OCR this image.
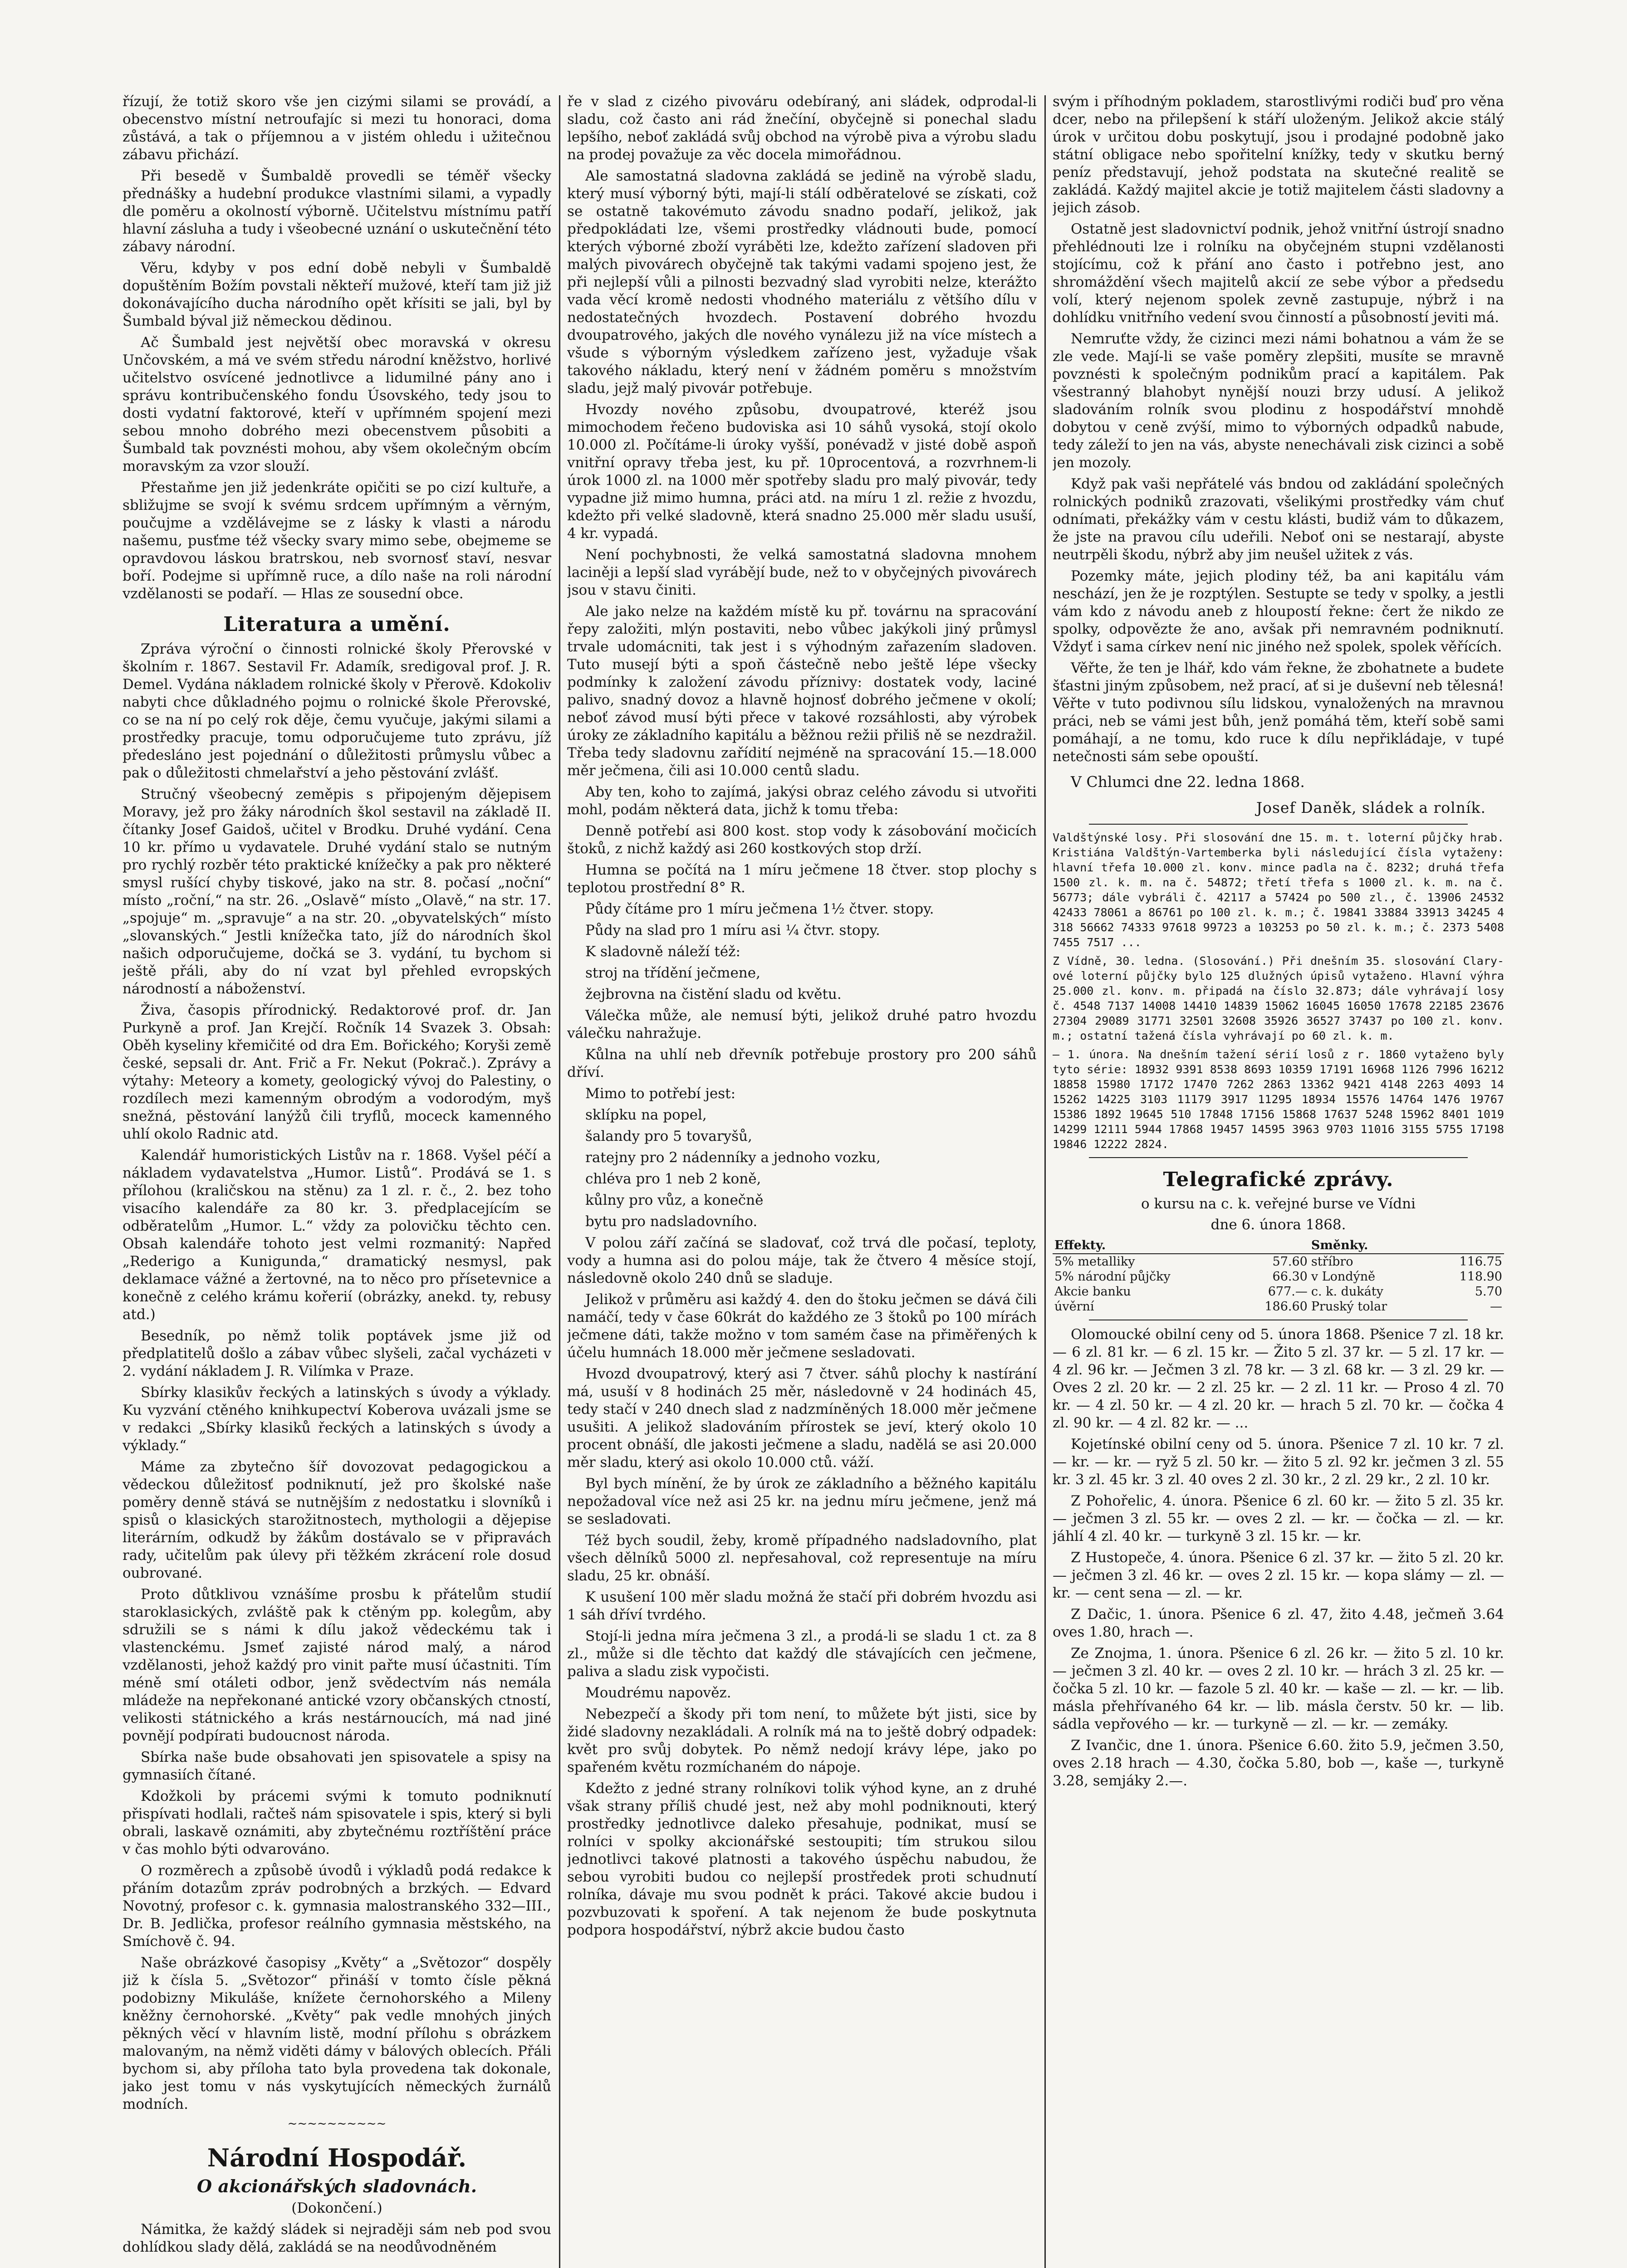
řízují, že totiž skoro vše jen cizými silami se provádí, a obecenstvo místní netroufajíc si mezi tu honoraci, doma zůstává, a tak o příjemnou a v jistém ohledu i užitečnou zábavu přichází.

Při besedě v Šumbaldě provedli se téměř všecky přednášky a hudební produkce vlastními silami, a vypadly dle poměru a okolností výborně. Učitelstvu místnímu patří hlavní zásluha a tudy i všeobecné uznání o uskutečnění této zábavy národní.

Věru, kdyby v pos ední době nebyli v Šumbaldě dopuštěním Božím povstali někteří mužové, kteří tam již již dokonávajícího ducha národního opět křísiti se jali, byl by Šumbald býval již německou dědinou.

Ač Šumbald jest největší obec moravská v okresu Unčovském, a má ve svém středu národní kněžstvo, horlivé učitelstvo osvícené jednotlivce a lidumilné pány ano i správu kontribučenského fondu Úsovského, tedy jsou to dosti vydatní faktorové, kteří v upřímném spojení mezi sebou mnoho dobrého mezi obecenstvem působiti a Šumbald tak povznésti mohou, aby všem okolečným obcím moravským za vzor slouží.

Přestaňme jen již jedenkráte opičiti se po cizí kultuře, a sbližujme se svojí k svému srdcem upřímným a věrným, poučujme a vzdělávejme se z lásky k vlasti a národu našemu, pusťme též všecky svary mimo sebe, obejmeme se opravdovou láskou bratrskou, neb svornosť staví, nesvar boří. Podejme si upřímně ruce, a dílo naše na roli národní vzdělanosti se podaří. — Hlas ze sousední obce.

Literatura a umění.

Zpráva výroční o činnosti rolnické školy Přerovské v školním r. 1867. Sestavil Fr. Adamík, sredigoval prof. J. R. Demel. Vydána nákladem rolnické školy v Přerově. Kdokoliv nabyti chce důkladného pojmu o rolnické škole Přerovské, co se na ní po celý rok děje, čemu vyučuje, jakými silami a prostředky pracuje, tomu odporučujeme tuto zprávu, jíž předesláno jest pojednání o důležitosti průmyslu vůbec a pak o důležitosti chmelařství a jeho pěstování zvlášť.

Stručný všeobecný zeměpis s připojeným dějepisem Moravy, jež pro žáky národních škol sestavil na základě II. čítanky Josef Gaidoš, učitel v Brodku. Druhé vydání. Cena 10 kr. přímo u vydavatele. Druhé vydání stalo se nutným pro rychlý rozběr této praktické knížečky a pak pro některé smysl rušící chyby tiskové, jako na str. 8. počasí „noční“ místo „roční,“ na str. 26. „Oslavě“ místo „Olavě,“ na str. 17. „spojuje“ m. „spravuje“ a na str. 20. „obyvatelských“ místo „slovanských.“ Jestli knížečka tato, jíž do národních škol našich odporučujeme, dočká se 3. vydání, tu bychom si ještě přáli, aby do ní vzat byl přehled evropských národností a náboženství.

Živa, časopis přírodnický. Redaktorové prof. dr. Jan Purkyně a prof. Jan Krejčí. Ročník 14 Svazek 3. Obsah: Oběh kyseliny křemičité od dra Em. Bořického; Koryši země české, sepsali dr. Ant. Frič a Fr. Nekut (Pokrač.). Zprávy a výtahy: Meteory a komety, geologický vývoj do Palestiny, o rozdílech mezi kamenným obrodým a vodorodým, myš snežná, pěstování lanýžů čili tryflů, moceck kamenného uhlí okolo Radnic atd.

Kalendář humoristických Listův na r. 1868. Vyšel péčí a nákladem vydavatelstva „Humor. Listů“. Prodává se 1. s přílohou (kraličskou na stěnu) za 1 zl. r. č., 2. bez toho visacího kalendáře za 80 kr. 3. předplacejícím se odběratelům „Humor. L.“ vždy za polovičku těchto cen. Obsah kalendáře tohoto jest velmi rozmanitý: Napřed „Rederigo a Kunigunda,“ dramatický nesmysl, pak deklamace vážné a žertovné, na to něco pro přísetevnice a konečně z celého krámu kořerií (obrázky, anekd. ty, rebusy atd.)

Besedník, po němž tolik poptávek jsme již od předplatitelů došlo a zábav vůbec slyšeli, začal vycházeti v 2. vydání nákladem J. R. Vilímka v Praze.

Sbírky klasikův řeckých a latinských s úvody a výklady. Ku vyzvání ctěného knihkupectví Koberova uvázali jsme se v redakci „Sbírky klasiků řeckých a latinských s úvody a výklady.“

Máme za zbytečno šíř dovozovat pedagogickou a vědeckou důležitosť podniknutí, jež pro školské naše poměry denně stává se nutnějším z nedostatku i slovníků i spisů o klasických starožitnostech, mythologii a dějepise literárním, odkudž by žákům dostávalo se v připravách rady, učitelům pak úlevy při těžkém zkrácení role dosud oubrované.

Proto důtklivou vznášíme prosbu k přátelům studií staroklasických, zvláště pak k ctěným pp. kolegům, aby sdružili se s námi k dílu jakož vědeckému tak i vlastenckému. Jsmeť zajisté národ malý, a národ vzdělanosti, jehož každý pro vinit pařte musí účastniti. Tím méně smí otáleti odbor, jenž svědectvím nás nemála mládeže na nepřekonané antické vzory občanských ctností, velikosti státnického a krás nestárnoucích, má nad jiné povnějí podpírati budoucnost národa.

Sbírka naše bude obsahovati jen spisovatele a spisy na gymnasiích čítané.

Kdožkoli by prácemi svými k tomuto podniknutí přispívati hodlali, račteš nám spisovatele i spis, který si byli obrali, laskavě oznámiti, aby zbytečnému roztříštění práce v čas mohlo býti odvarováno.

O rozměrech a způsobě úvodů i výkladů podá redakce k přáním dotazům zpráv podrobných a brzkých. — Edvard Novotný, profesor c. k. gymnasia malostranského 332—III., Dr. B. Jedlička, profesor reálního gymnasia městského, na Smíchově č. 94.

Naše obrázkové časopisy „Květy“ a „Světozor“ dospěly již k čísla 5. „Světozor“ přináší v tomto čísle pěkná podobizny Mikuláše, knížete černohorského a Mileny kněžny černohorské. „Květy“ pak vedle mnohých jiných pěkných věcí v hlavním listě, modní přílohu s obrázkem malovaným, na němž viděti dámy v bálových oblecích. Přáli bychom si, aby příloha tato byla provedena tak dokonale, jako jest tomu v nás vyskytujících německých žurnálů modních.

~~~~~~~~~~
Národní Hospodář.
O akcionářských sladovnách.
(Dokončení.)

Námitka, že každý sládek si nejraději sám neb pod svou dohlídkou slady dělá, zakládá se na neodůvodněném

ře v slad z cizého pivováru odebíraný, ani sládek, odprodal-li sladu, což často ani rád žnečíní, obyčejně si ponechal sladu lepšího, neboť zakládá svůj obchod na výrobě piva a výrobu sladu na prodej považuje za věc docela mimořádnou.

Ale samostatná sladovna zakládá se jedině na výrobě sladu, který musí výborný býti, mají-li stálí odběratelové se získati, což se ostatně takovémuto závodu snadno podaří, jelikož, jak předpokládati lze, všemi prostředky vládnouti bude, pomocí kterých výborné zboží vyráběti lze, kdežto zařízení sladoven při malých pivovárech obyčejně tak takými vadami spojeno jest, že při nejlepší vůli a pilnosti bezvadný slad vyrobiti nelze, kterážto vada věcí kromě nedosti vhodného materiálu z většího dílu v nedostatečných hvozdech. Postavení dobrého hvozdu dvoupatrového, jakých dle nového vynálezu již na více místech a všude s výborným výsledkem zařízeno jest, vyžaduje však takového nákladu, který není v žádném poměru s množstvím sladu, jejž malý pivovár potřebuje.

Hvozdy nového způsobu, dvoupatrové, kteréž jsou mimochodem řečeno budoviska asi 10 sáhů vysoká, stojí okolo 10.000 zl. Počítáme-li úroky vyšší, ponévadž v jisté době aspoň vnitřní opravy třeba jest, ku př. 10procentová, a rozvrhnem-li úrok 1000 zl. na 1000 měr spotřeby sladu pro malý pivovár, tedy vypadne již mimo humna, práci atd. na míru 1 zl. režie z hvozdu, kdežto při velké sladovně, která snadno 25.000 měr sladu usuší, 4 kr. vypadá.

Není pochybnosti, že velká samostatná sladovna mnohem laciněji a lepší slad vyrábějí bude, než to v obyčejných pivovárech jsou v stavu činiti.

Ale jako nelze na každém místě ku př. továrnu na spracování řepy založiti, mlýn postaviti, nebo vůbec jakýkoli jiný průmysl trvale udomácniti, tak jest i s výhodným zařazením sladoven. Tuto musejí býti a spoň částečně nebo ještě lépe všecky podmínky k založení závodu příznivy: dostatek vody, laciné palivo, snadný dovoz a hlavně hojnosť dobrého ječmene v okolí; neboť závod musí býti přece v takové rozsáhlosti, aby výrobek úroky ze základního kapitálu a běžnou režii přiliš ně se nezdražil. Třeba tedy sladovnu zařídití nejméně na spracování 15.—18.000 měr ječmena, čili asi 10.000 centů sladu.

Aby ten, koho to zajímá, jakýsi obraz celého závodu si utvořiti mohl, podám některá data, jichž k tomu třeba:

Denně potřebí asi 800 kost. stop vody k zásobování močicích štoků, z nichž každý asi 260 kostkových stop drží.

Humna se počítá na 1 míru ječmene 18 čtver. stop plochy s teplotou prostřední 8° R.

Půdy čítáme pro 1 míru ječmena 1½ čtver. stopy.

Půdy na slad pro 1 míru asi ¼ čtvr. stopy.

K sladovně náleží též:

stroj na třídění ječmene,

žejbrovna na čistění sladu od květu.

Válečka může, ale nemusí býti, jelikož druhé patro hvozdu válečku nahražuje.

Kůlna na uhlí neb dřevník potřebuje prostory pro 200 sáhů dříví.

Mimo to potřebí jest:

sklípku na popel,

šalandy pro 5 tovaryšů,

ratejny pro 2 nádenníky a jednoho vozku,

chléva pro 1 neb 2 koně,

kůlny pro vůz, a konečně

bytu pro nadsladovního.

V polou září začíná se sladovať, což trvá dle počasí, teploty, vody a humna asi do polou máje, tak že čtvero 4 měsíce stojí, následovně okolo 240 dnů se sladuje.

Jelikož v průměru asi každý 4. den do štoku ječmen se dává čili namáčí, tedy v čase 60krát do každého ze 3 štoků po 100 mírách ječmene dáti, takže možno v tom samém čase na přiměřených k účelu humnách 18.000 měr ječmene sesladovati.

Hvozd dvoupatrový, který asi 7 čtver. sáhů plochy k nastírání má, usuší v 8 hodinách 25 měr, následovně v 24 hodinách 45, tedy stačí v 240 dnech slad z nadzmíněných 18.000 měr ječmene usušiti. A jelikož sladováním přírostek se jeví, který okolo 10 procent obnáší, dle jakosti ječmene a sladu, nadělá se asi 20.000 měr sladu, který asi okolo 10.000 ctů. váží.

Byl bych mínění, že by úrok ze základního a běžného kapitálu nepožadoval více než asi 25 kr. na jednu míru ječmene, jenž má se sesladovati.

Též bych soudil, žeby, kromě případného nadsladovního, plat všech dělníků 5000 zl. nepřesahoval, což representuje na míru sladu, 25 kr. obnáší.

K usušení 100 měr sladu možná že stačí při dobrém hvozdu asi 1 sáh dříví tvrdého.

Stojí-li jedna míra ječmena 3 zl., a prodá-li se sladu 1 ct. za 8 zl., může si dle těchto dat každý dle stávajících cen ječmene, paliva a sladu zisk vypočisti.

Moudrému napověz.

Nebezpečí a škody při tom není, to můžete být jisti, sice by židé sladovny nezakládali. A rolník má na to ještě dobrý odpadek: květ pro svůj dobytek. Po němž nedojí krávy lépe, jako po spařeném květu rozmíchaném do nápoje.

Kdežto z jedné strany rolníkovi tolik výhod kyne, an z druhé však strany příliš chudé jest, než aby mohl podniknouti, který prostředky jednotlivce daleko přesahuje, podnikat, musí se rolníci v spolky akcionářské sestoupiti; tím strukou silou jednotlivci takové platnosti a takového úspěchu nabudou, že sebou vyrobiti budou co nejlepší prostředek proti schudnutí rolníka, dávaje mu svou podnět k práci. Takové akcie budou i pozvbuzovati k spoření. A tak nejenom že bude poskytnuta podpora hospodářství, nýbrž akcie budou často

svým i příhodným pokladem, starostlivými rodiči buď pro věna dcer, nebo na přilepšení k stáří uloženým. Jelikož akcie stálý úrok v určitou dobu poskytují, jsou i prodajné podobně jako státní obligace nebo spořitelní knížky, tedy v skutku berný peníz představují, jehož podstata na skutečné realitě se zakládá. Každý majitel akcie je totiž majitelem části sladovny a jejich zásob.

Ostatně jest sladovnictví podnik, jehož vnitřní ústrojí snadno přehlédnouti lze i rolníku na obyčejném stupni vzdělanosti stojícímu, což k přání ano často i potřebno jest, ano shromáždění všech majitelů akcií ze sebe výbor a předsedu volí, který nejenom spolek zevně zastupuje, nýbrž i na dohlídku vnitřního vedení svou činností a působností jeviti má.

Nemruťte vždy, že cizinci mezi námi bohatnou a vám že se zle vede. Mají-li se vaše poměry zlepšiti, musíte se mravně povznésti k společným podnikům prací a kapitálem. Pak všestranný blahobyt nynější nouzi brzy udusí. A jelikož sladováním rolník svou plodinu z hospodářství mnohdě dobytou v ceně zvýší, mimo to výborných odpadků nabude, tedy záleží to jen na vás, abyste nenechávali zisk cizinci a sobě jen mozoly.

Když pak vaši nepřátelé vás bndou od zakládání společných rolnických podniků zrazovati, všelikými prostředky vám chuť odnímati, překážky vám v cestu klásti, budiž vám to důkazem, že jste na pravou cílu udeřili. Neboť oni se nestarají, abyste neutrpěli škodu, nýbrž aby jim neušel užitek z vás.

Pozemky máte, jejich plodiny též, ba ani kapitálu vám neschází, jen že je rozptýlen. Sestupte se tedy v spolky, a jestli vám kdo z návodu aneb z hloupostí řekne: čert že nikdo ze spolky, odpovězte že ano, avšak při nemravném podniknutí. Vždyť i sama církev není nic jiného než spolek, spolek věřících.

Věřte, že ten je lhář, kdo vám řekne, že zbohatnete a budete šťastni jiným způsobem, než prací, ať si je duševní neb tělesná! Věřte v tuto podivnou sílu lidskou, vynaložených na mravnou práci, neb se vámi jest bůh, jenž pomáhá těm, kteří sobě sami pomáhají, a ne tomu, kdo ruce k dílu nepřikládaje, v tupé netečnosti sám sebe opouští.

V Chlumci dne 22. ledna 1868.
Josef Daněk, sládek a rolník.

Valdštýnské losy. Při slosování dne 15. m. t. loterní půjčky hrab. Kristiána Valdštýn-Vartemberka byli následující čísla vytaženy: hlavní třefa 10.000 zl. konv. mince padla na č. 8232; druhá třefa 1500 zl. k. m. na č. 54872; třetí třefa s 1000 zl. k. m. na č. 56773; dále vybráli č. 42117 a 57424 po 500 zl., č. 13906 24532 42433 78061 a 86761 po 100 zl. k. m.; č. 19841 33884 33913 34245 4 318 56662 74333 97618 99723 a 103253 po 50 zl. k. m.; č. 2373 5408 7455 7517 ...

Z Vídně, 30. ledna. (Slosování.) Při dnešním 35. slosování Clary-ové loterní půjčky bylo 125 dlužných úpisů vytaženo. Hlavní výhra 25.000 zl. konv. m. připadá na číslo 32.873; dále vyhrávají losy č. 4548 7137 14008 14410 14839 15062 16045 16050 17678 22185 23676 27304 29089 31771 32501 32608 35926 36527 37437 po 100 zl. konv. m.; ostatní tažená čísla vyhrávají po 60 zl. k. m.

— 1. února. Na dnešním tažení sérií losů z r. 1860 vytaženo byly tyto série: 18932 9391 8538 8693 10359 17191 16968 1126 7996 16212 18858 15980 17172 17470 7262 2863 13362 9421 4148 2263 4093 14 15262 14225 3103 11179 3917 11295 18934 15576 14764 1476 19767 15386 1892 19645 510 17848 17156 15868 17637 5248 15962 8401 1019 14299 12111 5944 17868 19457 14595 3963 9703 11016 3155 5755 17198 19846 12222 2824.

Telegrafické zprávy.
o kursu na c. k. veřejné burse ve Vídni
dne 6. února 1868.
Effekty.		Směnky.	
5% metalliky	57.60	stříbro	116.75
5% národní půjčky	66.30	v Londýně	118.90
Akcie banku	677.—	c. k. dukáty	5.70
úvěrní	186.60	Pruský tolar	—

Olomoucké obilní ceny od 5. února 1868. Pšenice 7 zl. 18 kr. — 6 zl. 81 kr. — 6 zl. 15 kr. — Žito 5 zl. 37 kr. — 5 zl. 17 kr. — 4 zl. 96 kr. — Ječmen 3 zl. 78 kr. — 3 zl. 68 kr. — 3 zl. 29 kr. — Oves 2 zl. 20 kr. — 2 zl. 25 kr. — 2 zl. 11 kr. — Proso 4 zl. 70 kr. — 4 zl. 50 kr. — 4 zl. 20 kr. — hrach 5 zl. 70 kr. — čočka 4 zl. 90 kr. — 4 zl. 82 kr. — ...

Kojetínské obilní ceny od 5. února. Pšenice 7 zl. 10 kr. 7 zl. — kr. — kr. — ryž 5 zl. 50 kr. — žito 5 zl. 92 kr. ječmen 3 zl. 55 kr. 3 zl. 45 kr. 3 zl. 40 oves 2 zl. 30 kr., 2 zl. 29 kr., 2 zl. 10 kr.

Z Pohořelic, 4. února. Pšenice 6 zl. 60 kr. — žito 5 zl. 35 kr. — ječmen 3 zl. 55 kr. — oves 2 zl. — kr. — čočka — zl. — kr. jáhlí 4 zl. 40 kr. — turkyně 3 zl. 15 kr. — kr.

Z Hustopeče, 4. února. Pšenice 6 zl. 37 kr. — žito 5 zl. 20 kr. — ječmen 3 zl. 46 kr. — oves 2 zl. 15 kr. — kopa slámy — zl. — kr. — cent sena — zl. — kr.

Z Dačic, 1. února. Pšenice 6 zl. 47, žito 4.48, ječmeň 3.64 oves 1.80, hrach —.

Ze Znojma, 1. února. Pšenice 6 zl. 26 kr. — žito 5 zl. 10 kr. — ječmen 3 zl. 40 kr. — oves 2 zl. 10 kr. — hrách 3 zl. 25 kr. — čočka 5 zl. 10 kr. — fazole 5 zl. 40 kr. — kaše — zl. — kr. — lib. másla přehřívaného 64 kr. — lib. másla čerstv. 50 kr. — lib. sádla vepřového — kr. — turkyně — zl. — kr. — zemáky.

Z Ivančic, dne 1. února. Pšenice 6.60. žito 5.9, ječmen 3.50, oves 2.18 hrach — 4.30, čočka 5.80, bob —, kaše —, turkyně 3.28, semjáky 2.—.
